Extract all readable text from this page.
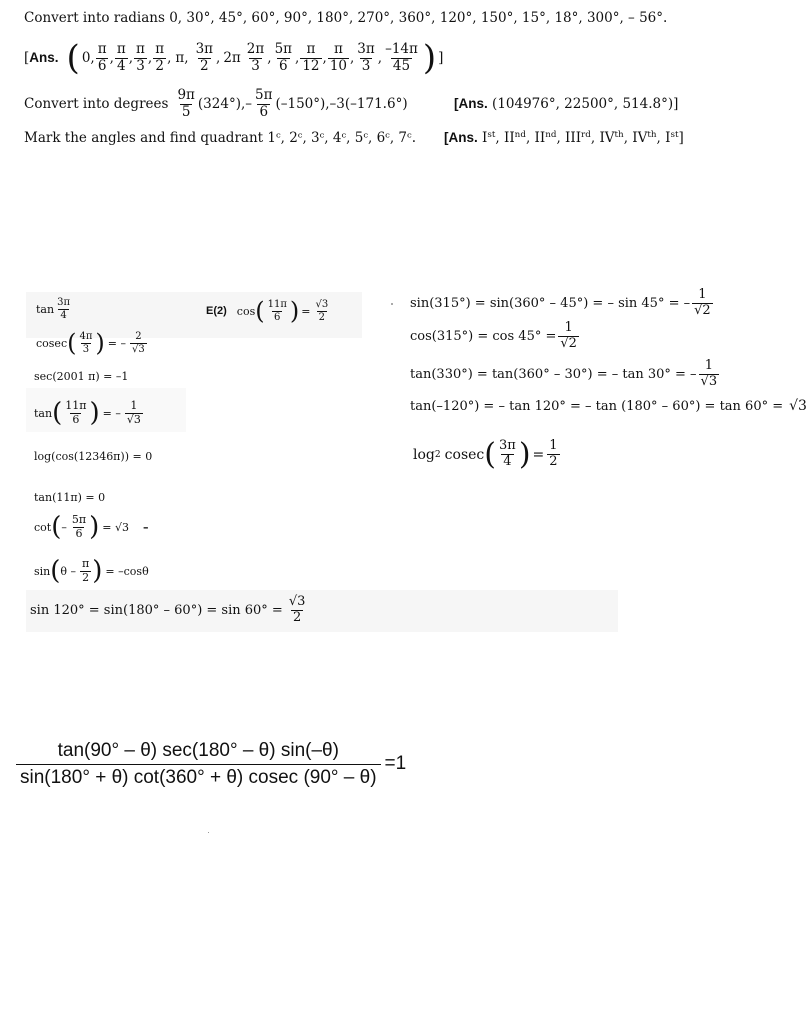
Convert into radians 0, 30°, 45°, 60°, 90°, 180°, 270°, 360°, 120°, 150°, 15°, 18°, 300°, – 56°.
[ Ans. ( 0, $\frac{\pi}{6}$ , $\frac{\pi}{4}$ , $\frac{\pi}{3}$ , $\frac{\pi}{2}$ , π, $\frac{3\pi}{2}$ , $2\pi \frac{2\pi}{3}$ , $\frac{5\pi}{6}$ , $\frac{\pi}{12}$ , $\frac{\pi}{10}$ , $\frac{3\pi}{3}$ , $\frac{-14\pi}{45}$ ) ]
Convert into degrees $\frac{9\pi}{5} (324^\circ),- \frac{5\pi}{6} (-150^\circ),-3(-171.6^\circ)$	[Ans. (104976°, 22500°, 514.8°)]
Mark the angles and find quadrant 1ᶜ, 2ᶜ, 3ᶜ, 4ᶜ, 5ᶜ, 6ᶜ, 7ᶜ. [Ans. Ist, IInd, IInd, IIIrd, IVth, IVth, Ist]
$\tan \frac{3\pi}{4}$	E(2) cos ( $\frac{11\pi}{6}$ ) = $\frac{√3}{2}$
cosec ( $\frac{4\pi}{3}$ ) = – $\frac{2}{√3}$
sec(2001 π) = –1
tan ( $\frac{11\pi}{6}$ ) = – $\frac{1}{√3}$
log(cos(12346π)) = 0
tan(11π) = 0
cot ( – $\frac{5\pi}{6}$ ) = √3 –
sin ( θ – $\frac{\pi}{2}$ ) = –cosθ
$\sin 120^\circ = \sin(180^\circ - 60^\circ) = \sin 60^\circ = \frac{√3}{2}$
sin(315°) = sin(360° – 45°) = – sin 45° = – $\frac{1}{√2}$
$\cos(315^\circ) = \cos 45^\circ = \frac{1}{√2}$
tan(330°) = tan(360° – 30°) = – tan 30° = – $\frac{1}{√3}$
tan(–120°) = – tan 120° = – tan (180° – 60°) = tan 60° = √3
log 2 cosec ( $\frac{3\pi}{4}$ ) = $\frac{1}{2}$
$\frac{\tan(90^\circ - \theta) \sec(180^\circ - \theta) \sin(-\theta)}{\sin(180^\circ + \theta) \cot(360^\circ + \theta) cosec (90^\circ - \theta)} =1$
